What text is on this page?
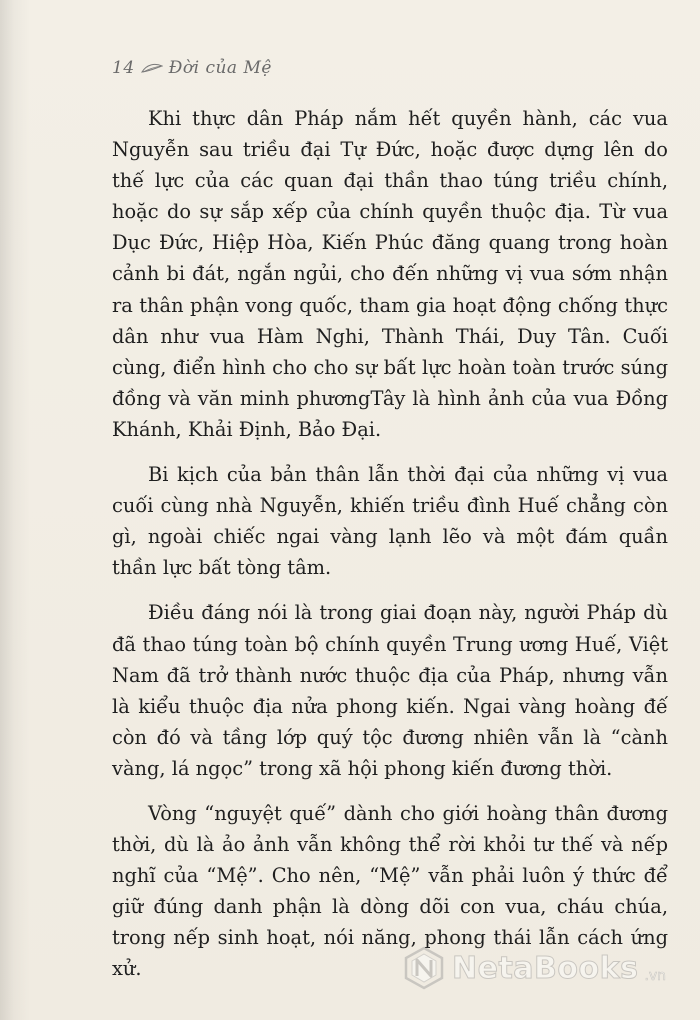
14 Đời của Mệ

Khi thực dân Pháp nắm hết quyền hành, các vua Nguyễn sau triều đại Tự Đức, hoặc được dựng lên do thế lực của các quan đại thần thao túng triều chính, hoặc do sự sắp xếp của chính quyền thuộc địa. Từ vua Dục Đức, Hiệp Hòa, Kiến Phúc đăng quang trong hoàn cảnh bi đát, ngắn ngủi, cho đến những vị vua sớm nhận ra thân phận vong quốc, tham gia hoạt động chống thực dân như vua Hàm Nghi, Thành Thái, Duy Tân. Cuối cùng, điển hình cho cho sự bất lực hoàn toàn trước súng đồng và văn minh phươngTây là hình ảnh của vua Đồng Khánh, Khải Định, Bảo Đại.

Bi kịch của bản thân lẫn thời đại của những vị vua cuối cùng nhà Nguyễn, khiến triều đình Huế chẳng còn gì, ngoài chiếc ngai vàng lạnh lẽo và một đám quần thần lực bất tòng tâm.

Điều đáng nói là trong giai đoạn này, người Pháp dù đã thao túng toàn bộ chính quyền Trung ương Huế, Việt Nam đã trở thành nước thuộc địa của Pháp, nhưng vẫn là kiểu thuộc địa nửa phong kiến. Ngai vàng hoàng đế còn đó và tầng lớp quý tộc đương nhiên vẫn là “cành vàng, lá ngọc” trong xã hội phong kiến đương thời.

Vòng “nguyệt quế” dành cho giới hoàng thân đương thời, dù là ảo ảnh vẫn không thể rời khỏi tư thế và nếp nghĩ của “Mệ”. Cho nên, “Mệ” vẫn phải luôn ý thức để giữ đúng danh phận là dòng dõi con vua, cháu chúa, trong nếp sinh hoạt, nói năng, phong thái lẫn cách ứng xử.	NetaBooks .vn
